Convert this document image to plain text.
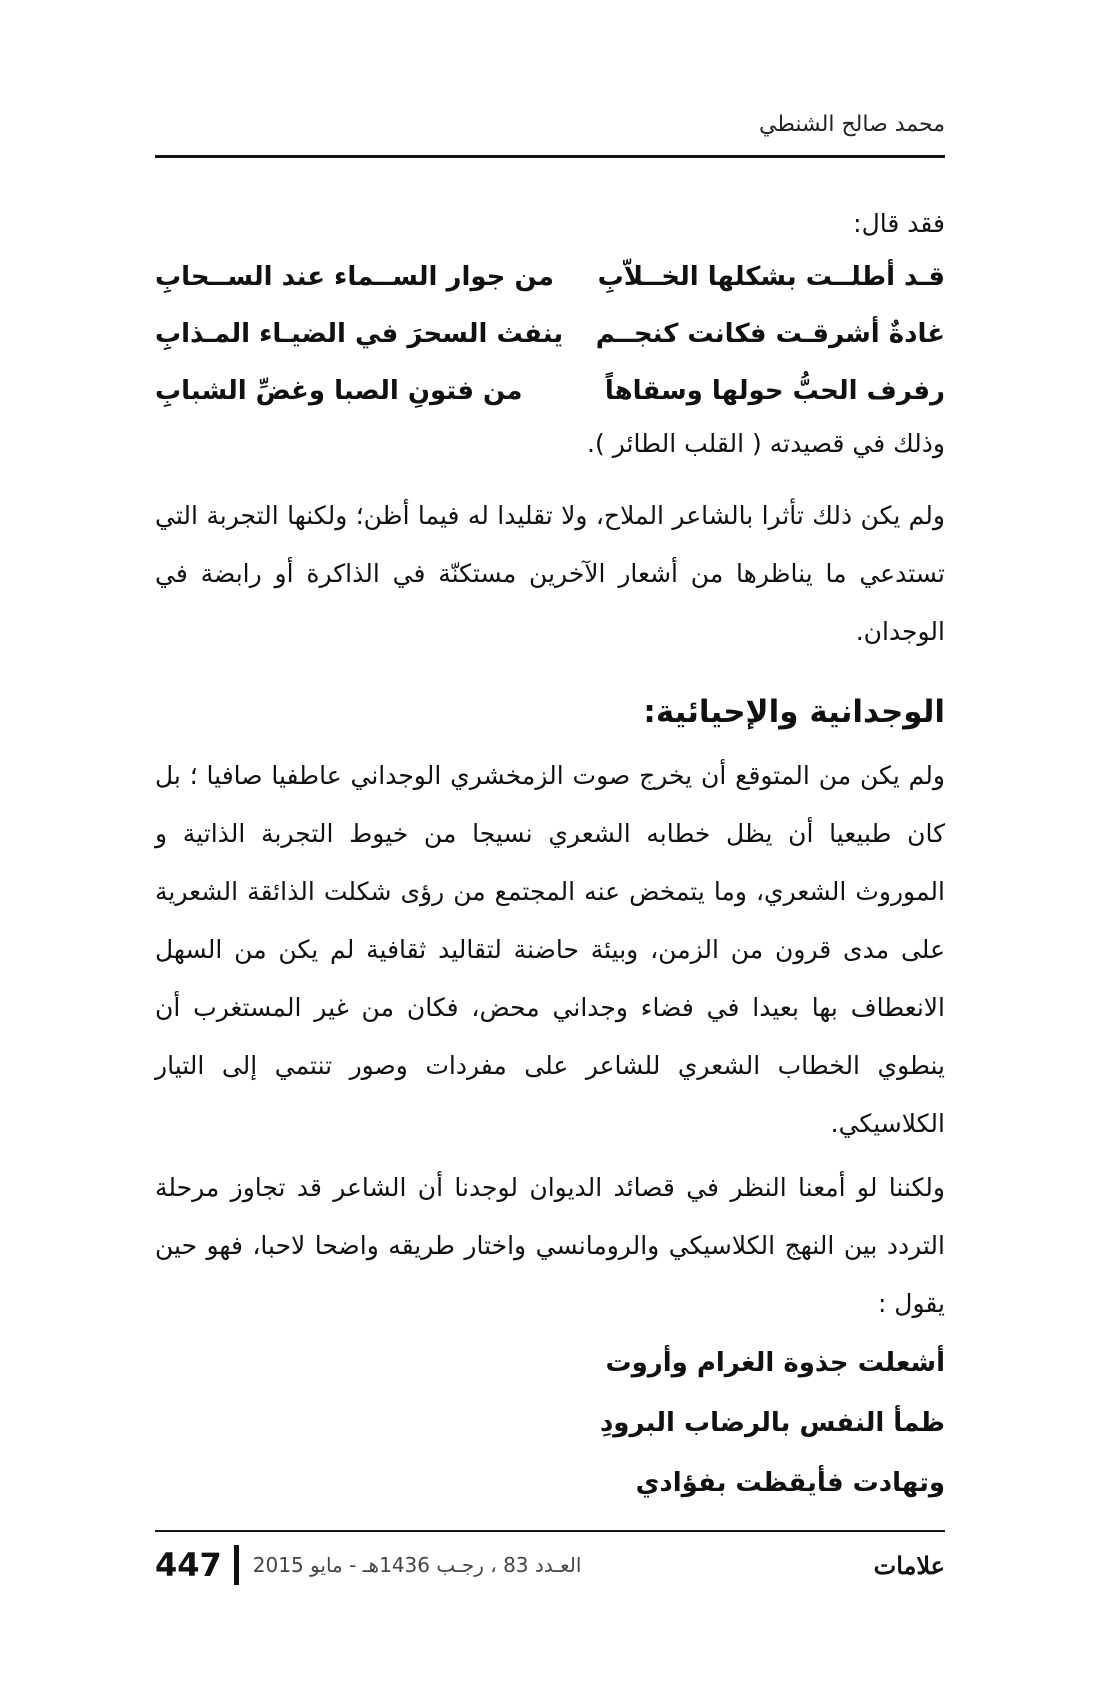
محمد صالح الشنطي
فقد قال:
قـد أطلــت بشكلها الخــلاّبِ
من جوار الســماء عند الســحابِ
غادةٌ أشرقـت فكانت كنجــم
ينفث السحرَ في الضيـاء المـذابِ
رفرف الحبُّ حولها وسقاهاً
من فتونِ الصبا وغضِّ الشبابِ
وذلك في قصيدته ( القلب الطائر ).

ولم يكن ذلك تأثرا بالشاعر الملاح، ولا تقليدا له فيما أظن؛ ولكنها التجربة التي تستدعي ما يناظرها من أشعار الآخرين مستكنّة في الذاكرة أو رابضة في الوجدان.

الوجدانية والإحيائية:

ولم يكن من المتوقع أن يخرج صوت الزمخشري الوجداني عاطفيا صافيا ؛ بل كان طبيعيا أن يظل خطابه الشعري نسيجا من خيوط التجربة الذاتية و الموروث الشعري، وما يتمخض عنه المجتمع من رؤى شكلت الذائقة الشعرية على مدى قرون من الزمن، وبيئة حاضنة لتقاليد ثقافية لم يكن من السهل الانعطاف بها بعيدا في فضاء وجداني محض، فكان من غير المستغرب أن ينطوي الخطاب الشعري للشاعر على مفردات وصور تنتمي إلى التيار الكلاسيكي.

ولكننا لو أمعنا النظر في قصائد الديوان لوجدنا أن الشاعر قد تجاوز مرحلة التردد بين النهج الكلاسيكي والرومانسي واختار طريقه واضحا لاحبا، فهو حين يقول :

أشعلت جذوة الغرام وأروت
ظمأ النفس بالرضاب البرودِ
وتهادت فأيقظت بفؤادي
447	العـدد 83 ، رجـب 1436هـ - مايو 2015	علامات
